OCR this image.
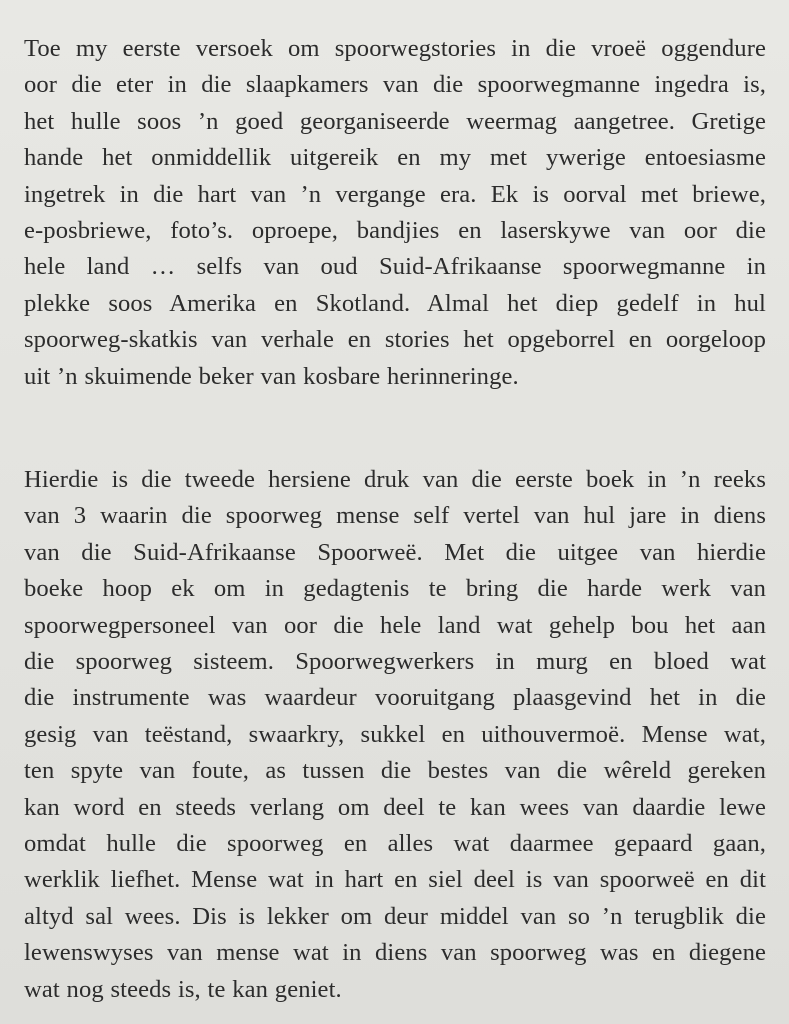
Toe my eerste versoek om spoorwegstories in die vroeë oggendure
oor die eter in die slaapkamers van die spoorwegmanne ingedra is,
het hulle soos ’n goed georganiseerde weermag aangetree. Gretige
hande het onmiddellik uitgereik en my met ywerige entoesiasme
ingetrek in die hart van ’n vergange era. Ek is oorval met briewe,
e-posbriewe, foto’s. oproepe, bandjies en laserskywe van oor die
hele land … selfs van oud Suid-Afrikaanse spoorwegmanne in
plekke soos Amerika en Skotland. Almal het diep gedelf in hul
spoorweg-skatkis van verhale en stories het opgeborrel en oorgeloop
uit ’n skuimende beker van kosbare herinneringe.
Hierdie is die tweede hersiene druk van die eerste boek in ’n reeks
van 3 waarin die spoorweg mense self vertel van hul jare in diens
van die Suid-Afrikaanse Spoorweë. Met die uitgee van hierdie
boeke hoop ek om in gedagtenis te bring die harde werk van
spoorwegpersoneel van oor die hele land wat gehelp bou het aan
die spoorweg sisteem. Spoorwegwerkers in murg en bloed wat
die instrumente was waardeur vooruitgang plaasgevind het in die
gesig van teëstand, swaarkry, sukkel en uithouvermoë. Mense wat,
ten spyte van foute, as tussen die bestes van die wêreld gereken
kan word en steeds verlang om deel te kan wees van daardie lewe
omdat hulle die spoorweg en alles wat daarmee gepaard gaan,
werklik liefhet. Mense wat in hart en siel deel is van spoorweë en dit
altyd sal wees. Dis is lekker om deur middel van so ’n terugblik die
lewenswyses van mense wat in diens van spoorweg was en diegene
wat nog steeds is, te kan geniet.
